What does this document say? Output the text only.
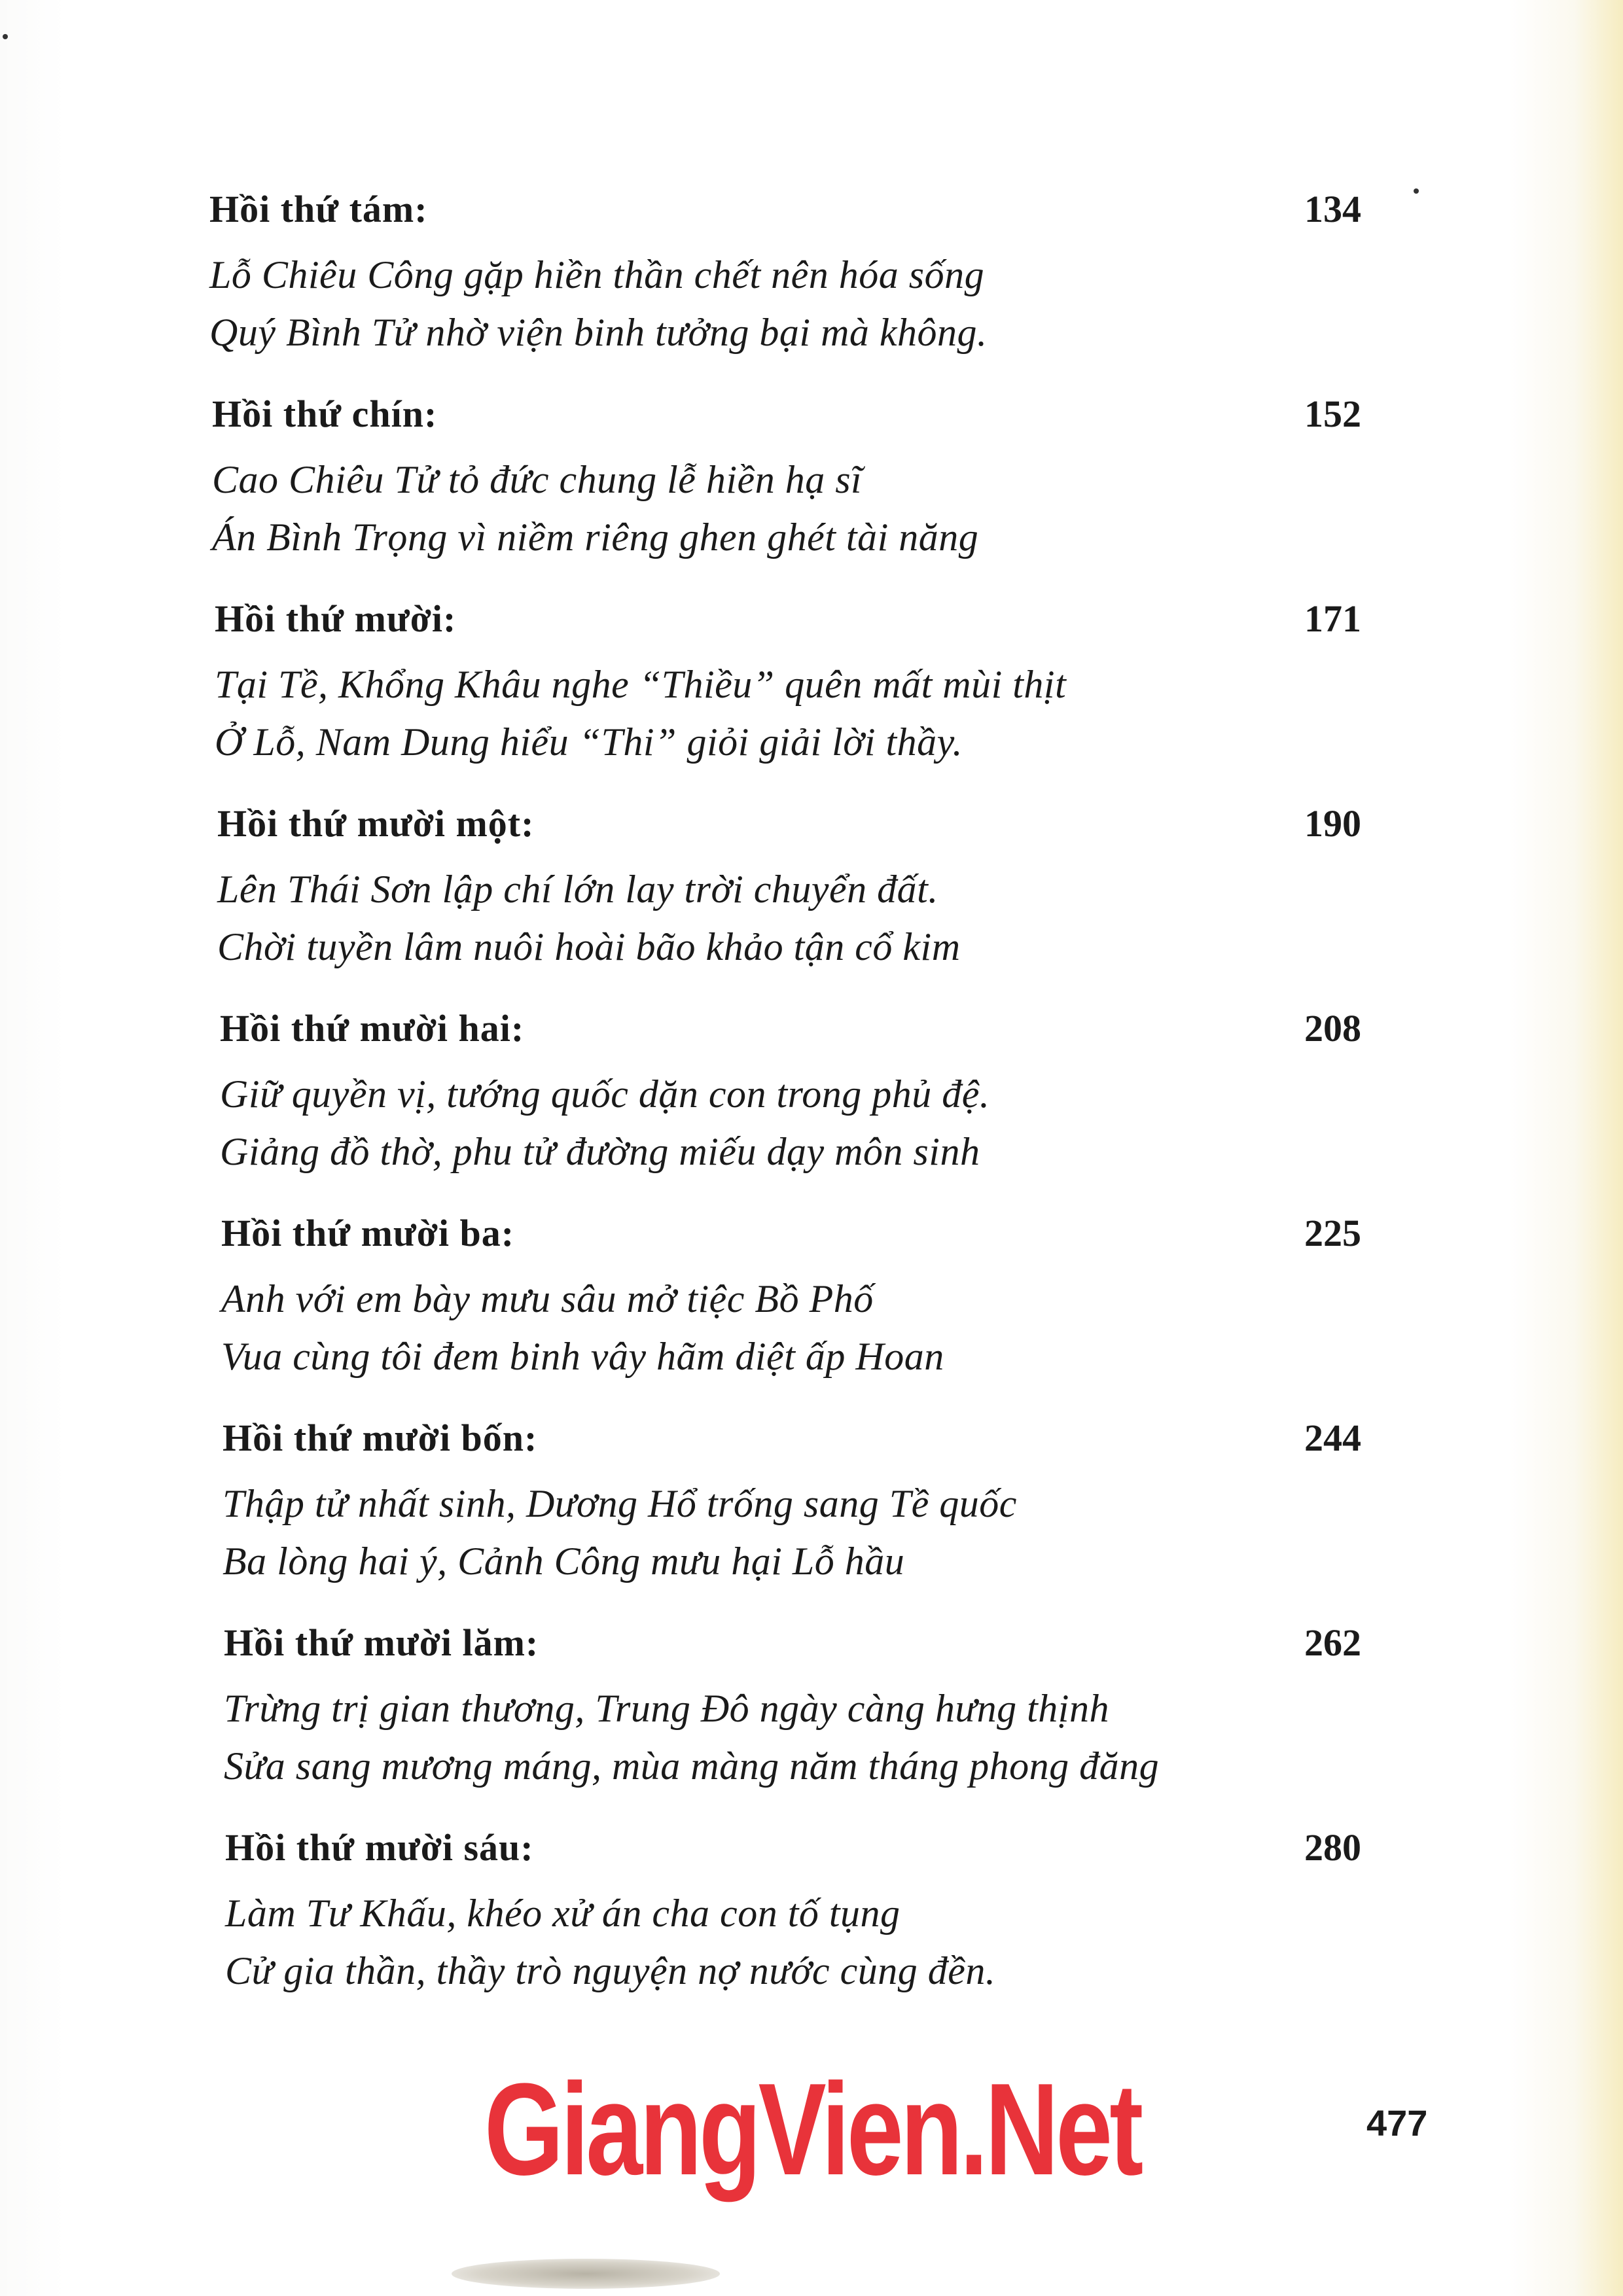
Hồi thứ tám:	134
Lỗ Chiêu Công gặp hiền thần chết nên hóa sống
Quý Bình Tử nhờ viện binh tưởng bại mà không.
Hồi thứ chín:	152
Cao Chiêu Tử tỏ đức chung lễ hiền hạ sĩ
Án Bình Trọng vì niềm riêng ghen ghét tài năng
Hồi thứ mười:	171
Tại Tề, Khổng Khâu nghe “Thiều” quên mất mùi thịt
Ở Lỗ, Nam Dung hiểu “Thi” giỏi giải lời thầy.
Hồi thứ mười một:	190
Lên Thái Sơn lập chí lớn lay trời chuyển đất.
Chời tuyền lâm nuôi hoài bão khảo tận cổ kim
Hồi thứ mười hai:	208
Giữ quyền vị, tướng quốc dặn con trong phủ đệ.
Giảng đồ thờ, phu tử đường miếu dạy môn sinh
Hồi thứ mười ba:	225
Anh với em bày mưu sâu mở tiệc Bồ Phố
Vua cùng tôi đem binh vây hãm diệt ấp Hoan
Hồi thứ mười bốn:	244
Thập tử nhất sinh, Dương Hổ trống sang Tề quốc
Ba lòng hai ý, Cảnh Công mưu hại Lỗ hầu
Hồi thứ mười lăm:	262
Trừng trị gian thương, Trung Đô ngày càng hưng thịnh
Sửa sang mương máng, mùa màng năm tháng phong đăng
Hồi thứ mười sáu:	280
Làm Tư Khấu, khéo xử án cha con tố tụng
Cử gia thần, thầy trò nguyện nợ nước cùng đền.
GiangVien.Net	477
